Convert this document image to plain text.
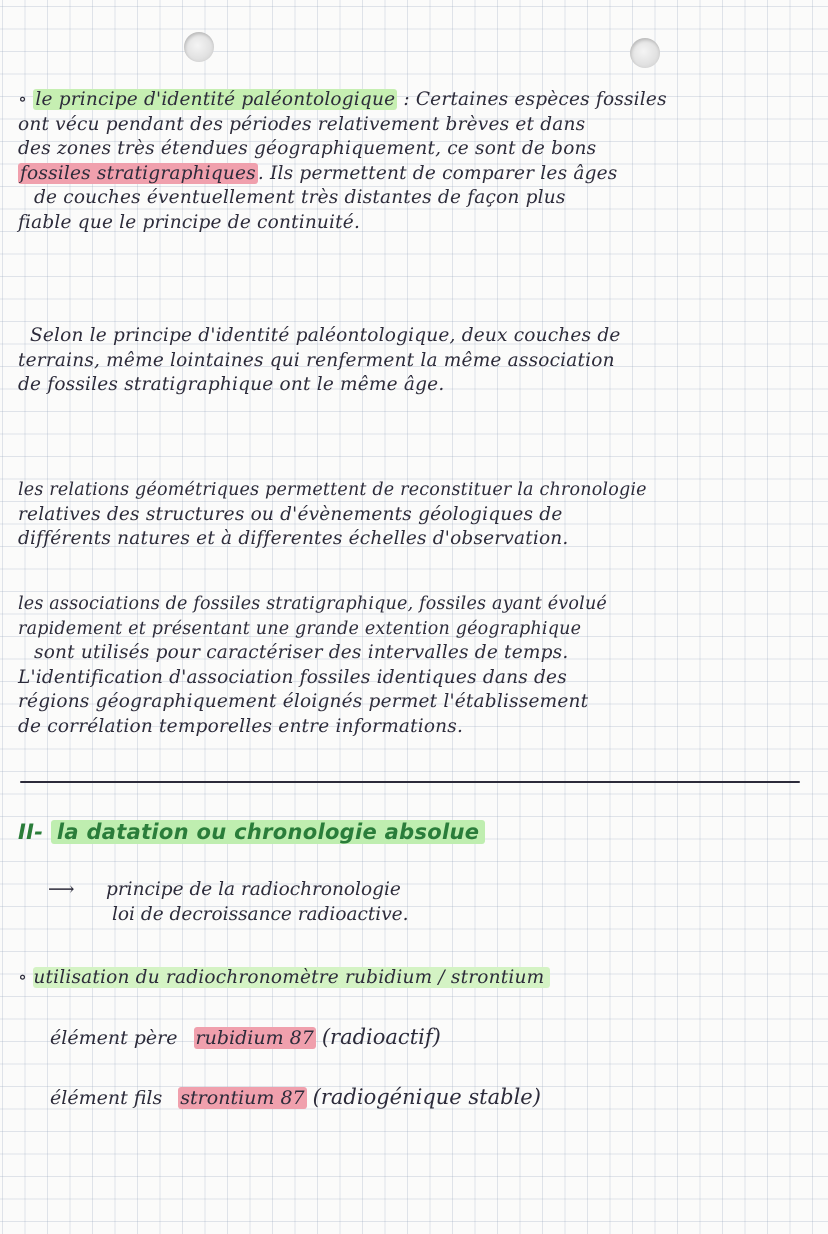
∘ le principe d'identité paléontologique : Certaines espèces fossiles
ont vécu pendant des périodes relativement brèves et dans
des zones très étendues géographiquement, ce sont de bons
fossiles stratigraphiques . Ils permettent de comparer les âges
de couches éventuellement très distantes de façon plus
fiable que le principe de continuité.
Selon le principe d'identité paléontologique, deux couches de
terrains, même lointaines qui renferment la même association
de fossiles stratigraphique ont le même âge.
les relations géométriques permettent de reconstituer la chronologie
relatives des structures ou d'évènements géologiques de
différents natures et à differentes échelles d'observation.
les associations de fossiles stratigraphique, fossiles ayant évolué
rapidement et présentant une grande extention géographique
sont utilisés pour caractériser des intervalles de temps.
L'identification d'association fossiles identiques dans des
régions géographiquement éloignés permet l'établissement
de corrélation temporelles entre informations.
II- la datation ou chronologie absolue
⟶ principe de la radiochronologie
loi de decroissance radioactive.
∘ utilisation du radiochronomètre rubidium / strontium
élément père rubidium 87 (radioactif)
élément fils strontium 87 (radiogénique stable)
